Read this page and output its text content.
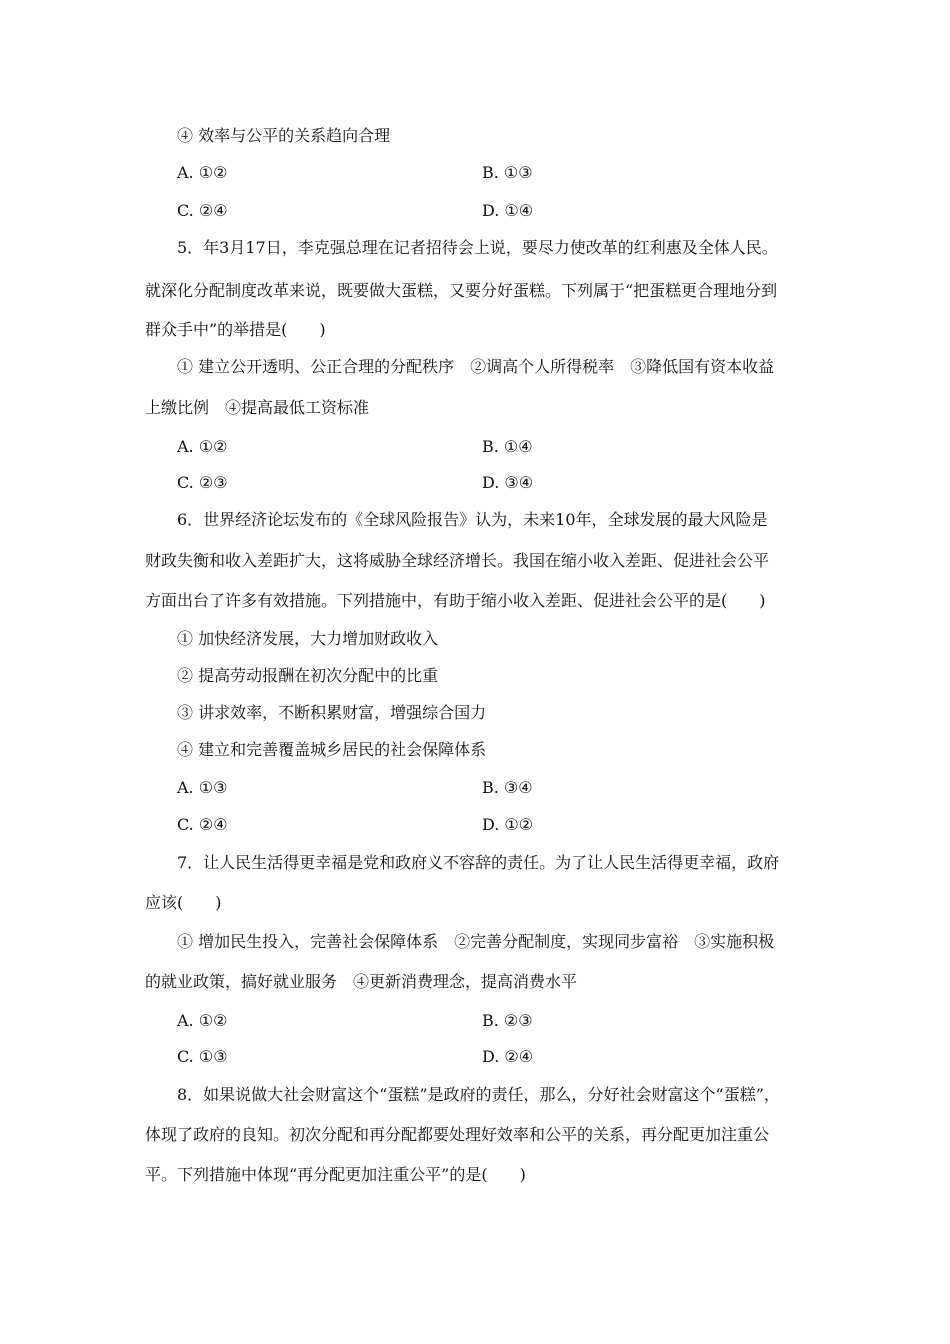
④ 效率与公平的关系趋向合理
A. ①②	B. ①③
C. ②④	D. ①④
5．年3月17日，李克强总理在记者招待会上说，要尽力使改革的红利惠及全体人民。
就深化分配制度改革来说，既要做大蛋糕，又要分好蛋糕。下列属于“把蛋糕更合理地分到
群众手中”的举措是(　　)
① 建立公开透明、公正合理的分配秩序　②调高个人所得税率　③降低国有资本收益
上缴比例　④提高最低工资标准
A. ①②	B. ①④
C. ②③	D. ③④
6．世界经济论坛发布的《全球风险报告》认为，未来10年，全球发展的最大风险是
财政失衡和收入差距扩大，这将威胁全球经济增长。我国在缩小收入差距、促进社会公平
方面出台了许多有效措施。下列措施中，有助于缩小收入差距、促进社会公平的是(　　)
① 加快经济发展，大力增加财政收入
② 提高劳动报酬在初次分配中的比重
③ 讲求效率，不断积累财富，增强综合国力
④ 建立和完善覆盖城乡居民的社会保障体系
A. ①③	B. ③④
C. ②④	D. ①②
7．让人民生活得更幸福是党和政府义不容辞的责任。为了让人民生活得更幸福，政府
应该(　　)
① 增加民生投入，完善社会保障体系　②完善分配制度，实现同步富裕　③实施积极
的就业政策，搞好就业服务　④更新消费理念，提高消费水平
A. ①②	B. ②③
C. ①③	D. ②④
8．如果说做大社会财富这个“蛋糕”是政府的责任，那么，分好社会财富这个“蛋糕”，
体现了政府的良知。初次分配和再分配都要处理好效率和公平的关系，再分配更加注重公
平。下列措施中体现“再分配更加注重公平”的是(　　)
